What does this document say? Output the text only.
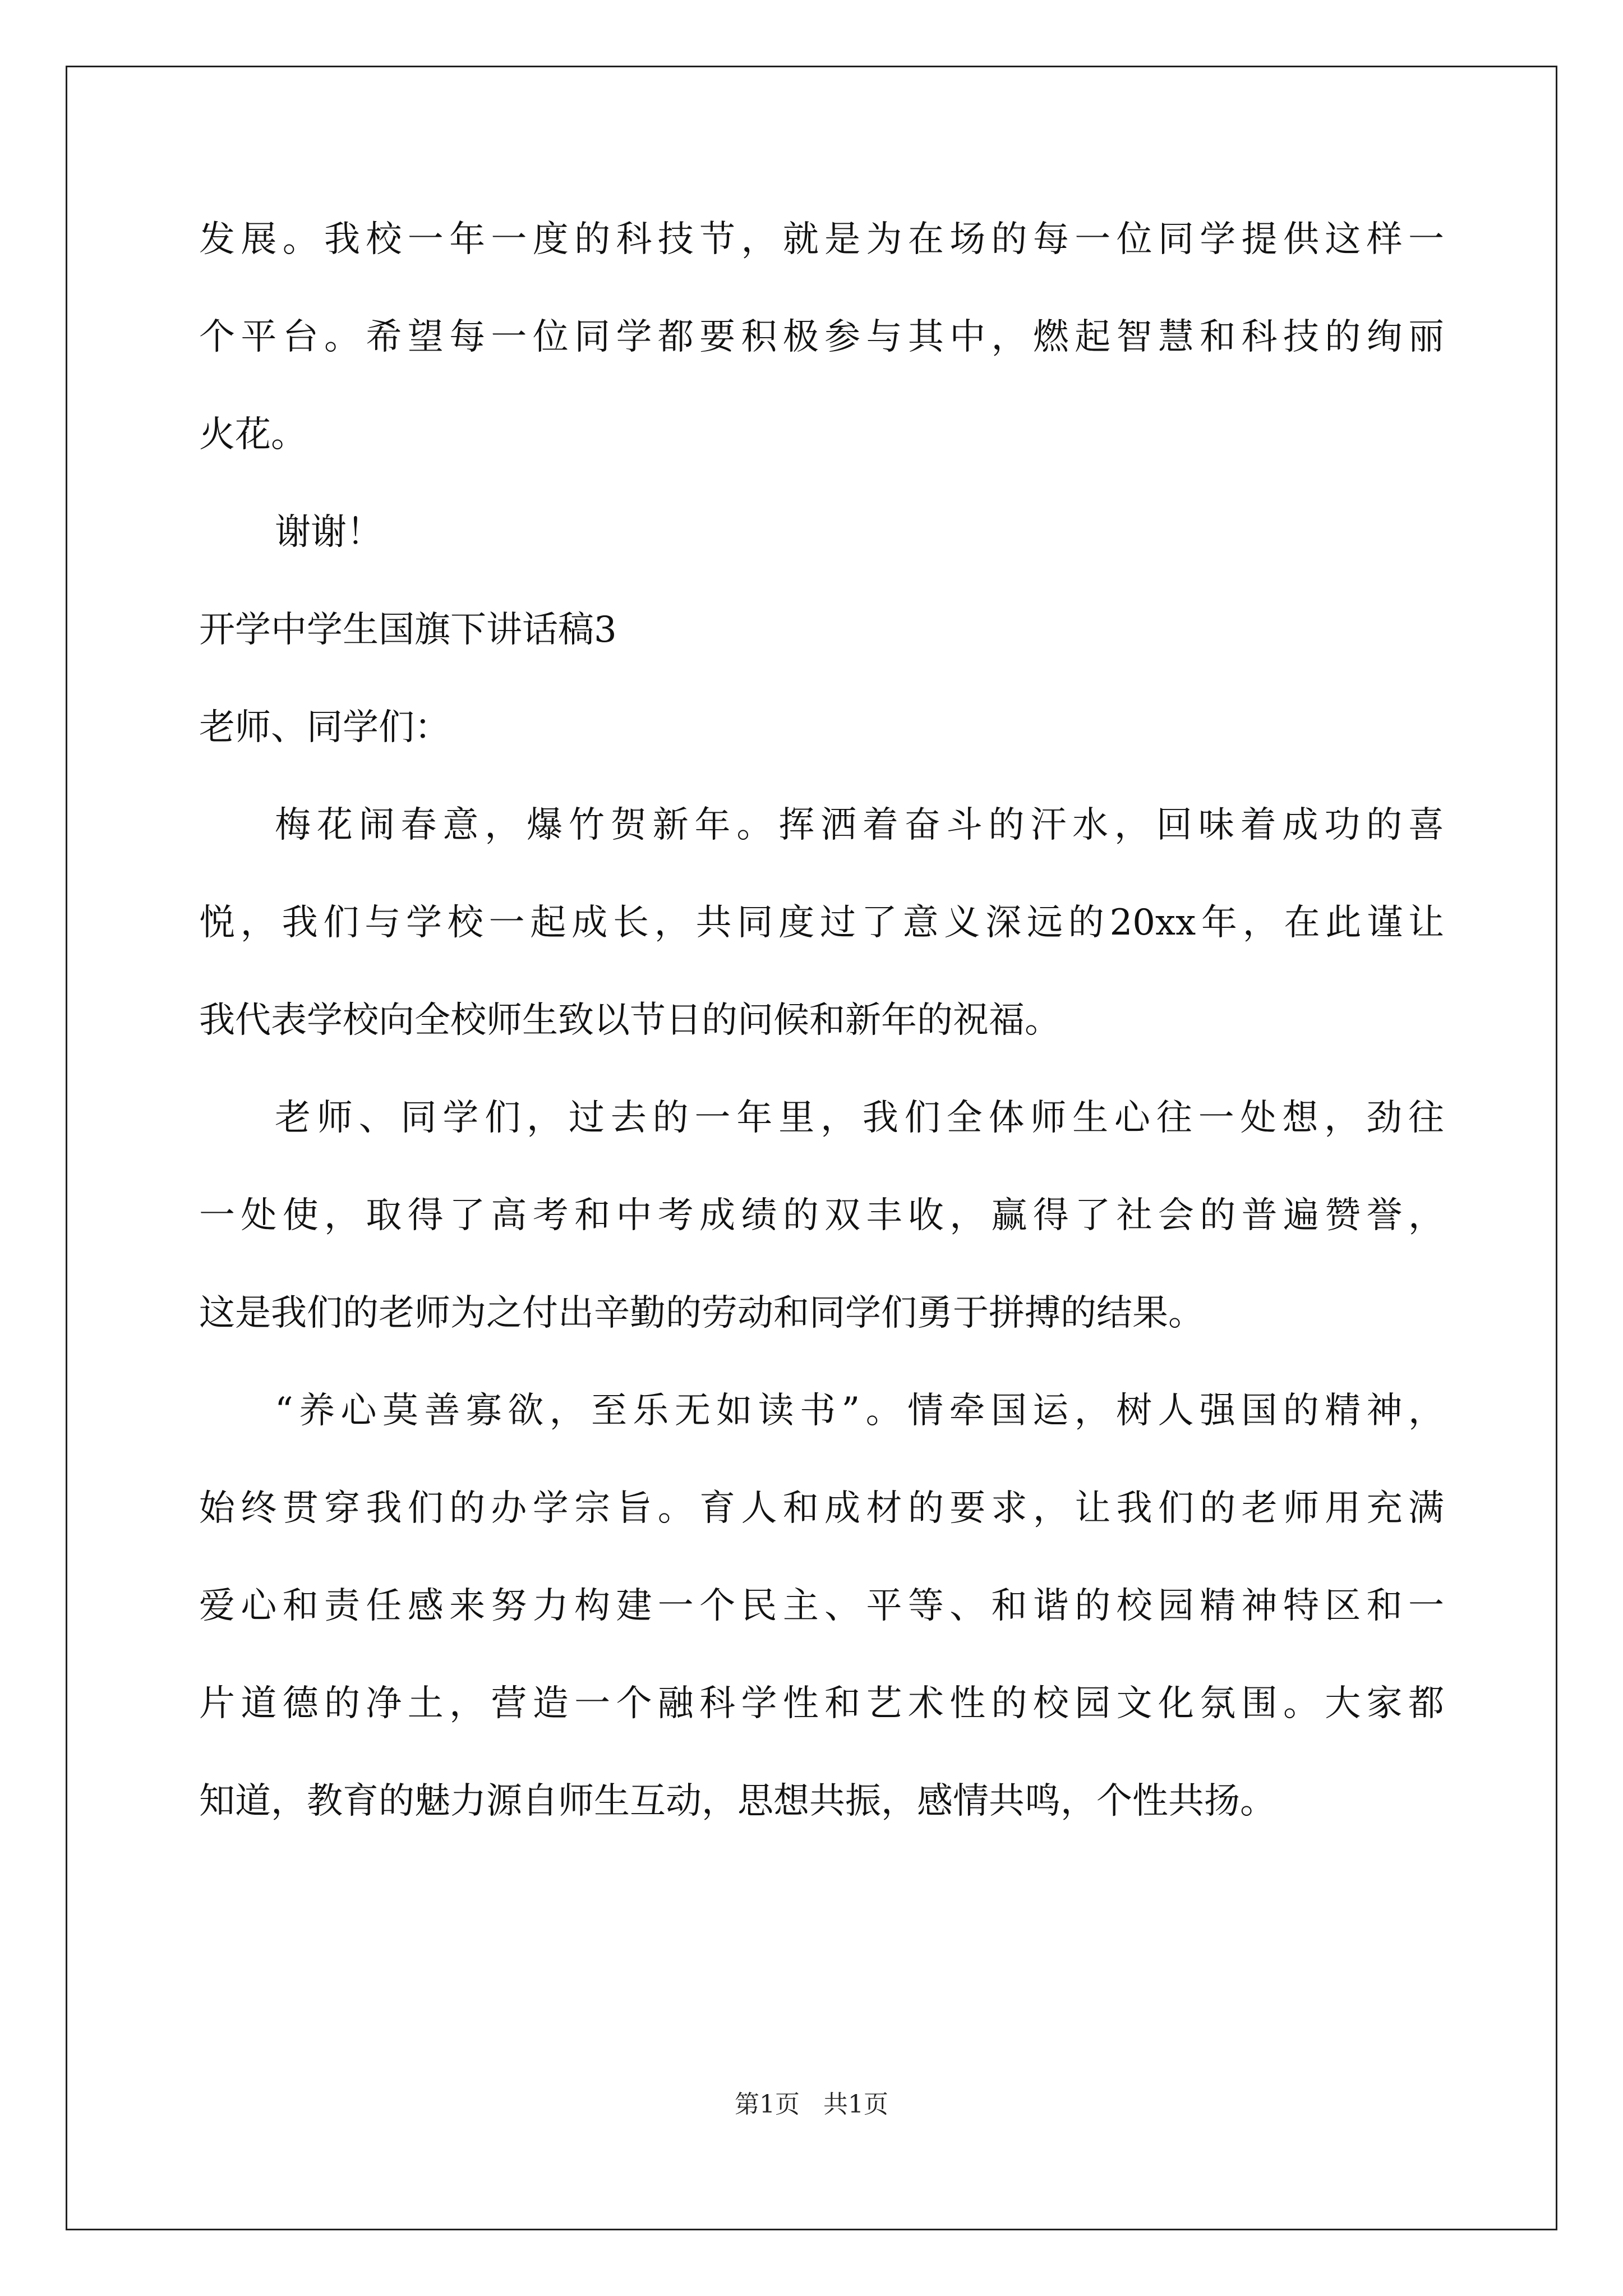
发展。我校一年一度的科技节，就是为在场的每一位同学提供这样一
个平台。希望每一位同学都要积极参与其中，燃起智慧和科技的绚丽
火花。
谢谢！
开学中学生国旗下讲话稿3
老师、同学们：
梅花闹春意，爆竹贺新年。挥洒着奋斗的汗水，回味着成功的喜
悦，我们与学校一起成长，共同度过了意义深远的20xx年，在此谨让
我代表学校向全校师生致以节日的问候和新年的祝福。
老师、同学们，过去的一年里，我们全体师生心往一处想，劲往
一处使，取得了高考和中考成绩的双丰收，赢得了社会的普遍赞誉，
这是我们的老师为之付出辛勤的劳动和同学们勇于拼搏的结果。
“养心莫善寡欲，至乐无如读书”。情牵国运，树人强国的精神，
始终贯穿我们的办学宗旨。育人和成材的要求，让我们的老师用充满
爱心和责任感来努力构建一个民主、平等、和谐的校园精神特区和一
片道德的净土，营造一个融科学性和艺术性的校园文化氛围。大家都
知道，教育的魅力源自师生互动，思想共振，感情共鸣，个性共扬。
第1页   共1页
